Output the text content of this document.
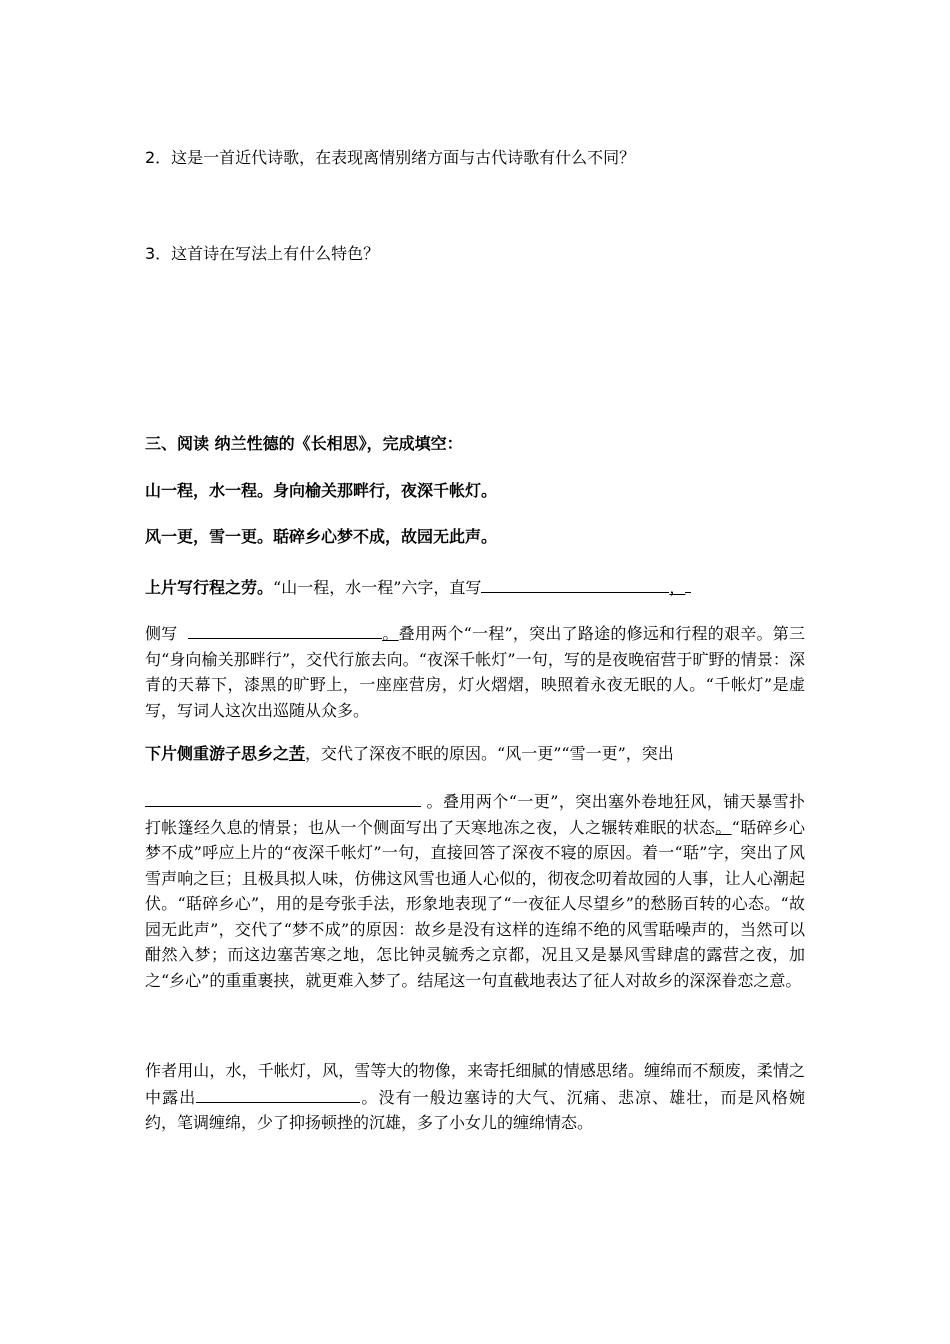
2．这是一首近代诗歌，在表现离情别绪方面与古代诗歌有什么不同？
3．这首诗在写法上有什么特色？
三、阅读 纳兰性德的《长相思》，完成填空：
山一程，水一程。身向榆关那畔行，夜深千帐灯。
风一更，雪一更。聒碎乡心梦不成，故园无此声。
上片写行程之劳。“山一程，水一程”六字，直写	，
侧写	。叠用两个“一程”，突出了路途的修远和行程的艰辛。第三句“身向榆关那畔行”，交代行旅去向。“夜深千帐灯”一句，写的是夜晚宿营于旷野的情景：深青的天幕下，漆黑的旷野上，一座座营房，灯火熠熠，映照着永夜无眠的人。“千帐灯”是虚写，写词人这次出巡随从众多。
下片侧重游子思乡之苦，交代了深夜不眠的原因。“风一更”“雪一更”，突出
。叠用两个“一更”，突出塞外卷地狂风，铺天暴雪扑打帐篷经久息的情景；也从一个侧面写出了天寒地冻之夜，人之辗转难眠的状态。“聒碎乡心梦不成”呼应上片的“夜深千帐灯”一句，直接回答了深夜不寝的原因。着一“聒”字，突出了风雪声响之巨；且极具拟人味，仿佛这风雪也通人心似的，彻夜念叨着故园的人事，让人心潮起伏。“聒碎乡心”，用的是夸张手法，形象地表现了“一夜征人尽望乡”的愁肠百转的心态。“故园无此声”，交代了“梦不成”的原因：故乡是没有这样的连绵不绝的风雪聒噪声的，当然可以酣然入梦；而这边塞苦寒之地，怎比钟灵毓秀之京都，况且又是暴风雪肆虐的露营之夜，加之“乡心”的重重裹挟，就更难入梦了。结尾这一句直截地表达了征人对故乡的深深眷恋之意。
作者用山，水，千帐灯，风，雪等大的物像，来寄托细腻的情感思绪。缠绵而不颓废，柔情之中露出	。没有一般边塞诗的大气、沉痛、悲凉、雄壮，而是风格婉约，笔调缠绵，少了抑扬顿挫的沉雄，多了小女儿的缠绵情态。
